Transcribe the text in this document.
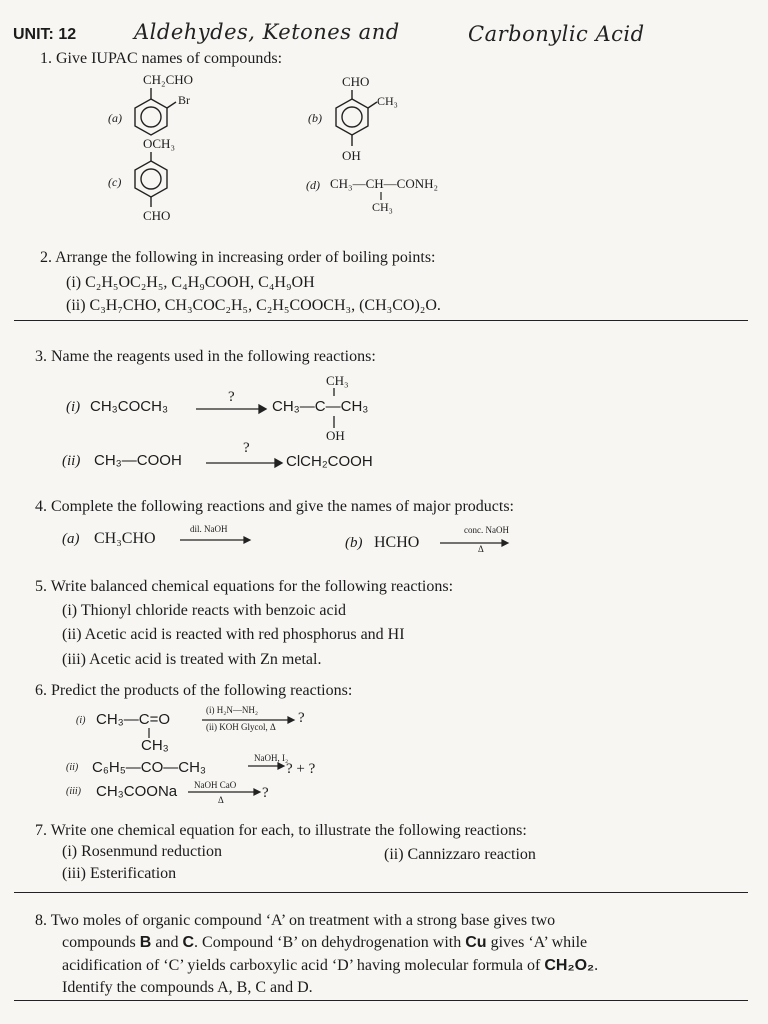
UNIT: 12	Aldehydes, Ketones and	Carbonylic Acid
1. Give IUPAC names of compounds:
(a)
CH₂CHO
Br
(b)
CHO
CH₃
OH
(c)
OCH₃
CHO
(d) CH₃—CH—CONH₂
CH₃
2. Arrange the following in increasing order of boiling points:
(i) C₂H₅OC₂H₅, C₄H₉COOH, C₄H₉OH
(ii) C₃H₇CHO, CH₃COC₂H₅, C₂H₅COOCH₃, (CH₃CO)₂O.
3. Name the reagents used in the following reactions:
(i) CH₃COCH₃
?
CH₃
CH₃—C—CH₃
OH
(ii) CH₃—COOH
?
ClCH₂COOH
4. Complete the following reactions and give the names of major products:
(a) CH₃CHO
dil. NaOH
(b) HCHO
conc. NaOH
Δ
5. Write balanced chemical equations for the following reactions:
(i) Thionyl chloride reacts with benzoic acid
(ii) Acetic acid is reacted with red phosphorus and HI
(iii) Acetic acid is treated with Zn metal.
6. Predict the products of the following reactions:
(i) CH₃—C=O
CH₃
(i) H₂N—NH₂
(ii) KOH Glycol, Δ
?
(ii) C₆H₅—CO—CH₃
NaOH, I₂
? + ?
(iii) CH₃COONa NaOH CaO
Δ	?
7. Write one chemical equation for each, to illustrate the following reactions:
(i) Rosenmund reduction	(ii) Cannizzaro reaction
(iii) Esterification
8. Two moles of organic compound ‘A’ on treatment with a strong base gives two
compounds B and C. Compound ‘B’ on dehydrogenation with Cu gives ‘A’ while
acidification of ‘C’ yields carboxylic acid ‘D’ having molecular formula of CH₂O₂.
Identify the compounds A, B, C and D.
